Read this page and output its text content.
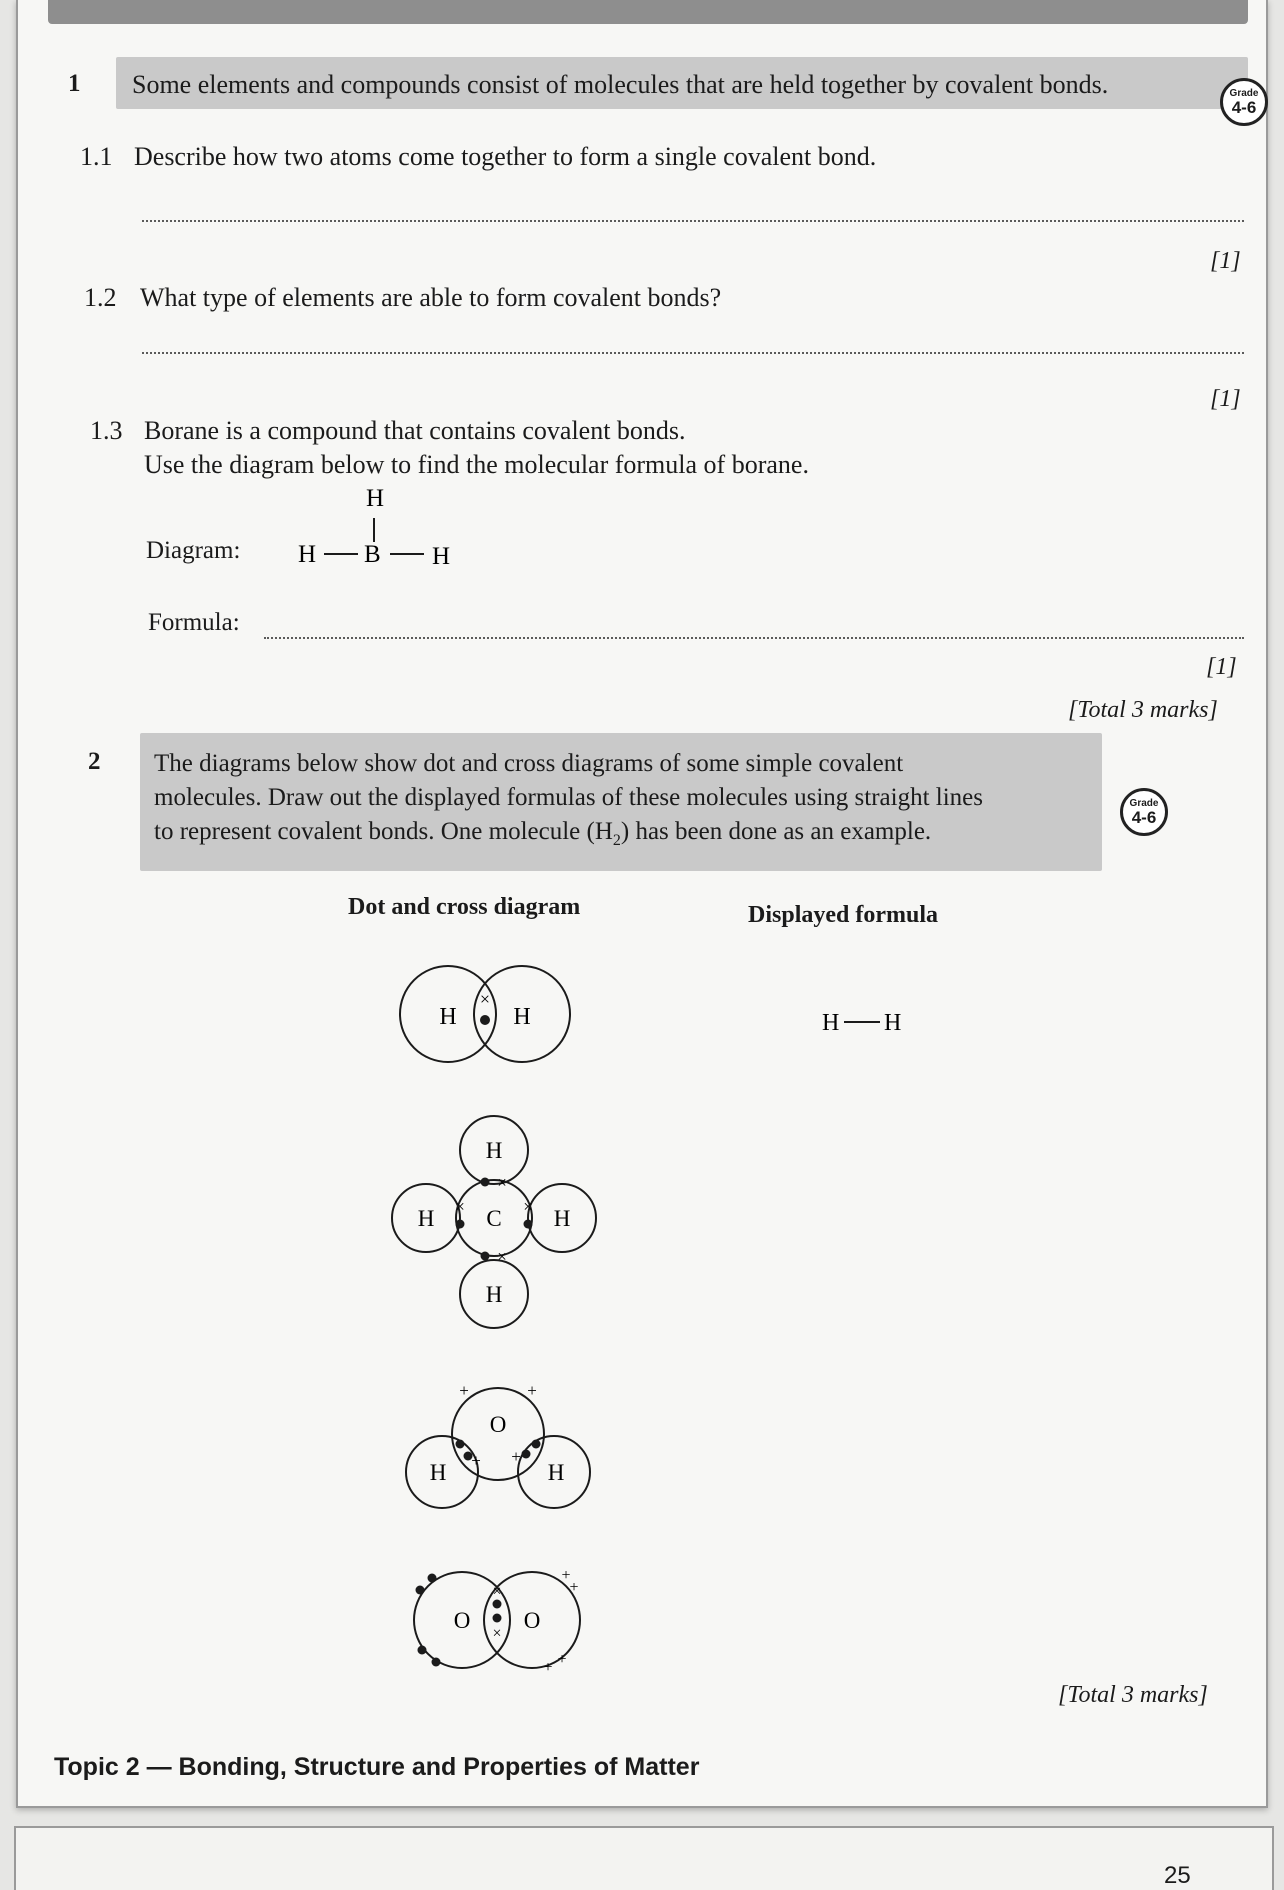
1 Some elements and compounds consist of molecules that are held together by covalent bonds.	Grade
4-6
1.1 Describe how two atoms come together to form a single covalent bond.
[1]
1.2 What type of elements are able to form covalent bonds?
[1]
1.3 Borane is a compound that contains covalent bonds.
Use the diagram below to find the molecular formula of borane.
Diagram:
H
H B H
Formula:
[1]
[Total 3 marks]
2 The diagrams below show dot and cross diagrams of some simple covalent
molecules. Draw out the displayed formulas of these molecules using straight lines
to represent covalent bonds. One molecule $(H_2)$ has been done as an example.
Grade
4-6
Dot and cross diagram	Displayed formula
H H
×
H H
H
H C H
H
×
×
×	×
O
H	H
+	+
+ +
O O
×
×
+
+
+
+
[Total 3 marks]
Topic 2 — Bonding, Structure and Properties of Matter
25
